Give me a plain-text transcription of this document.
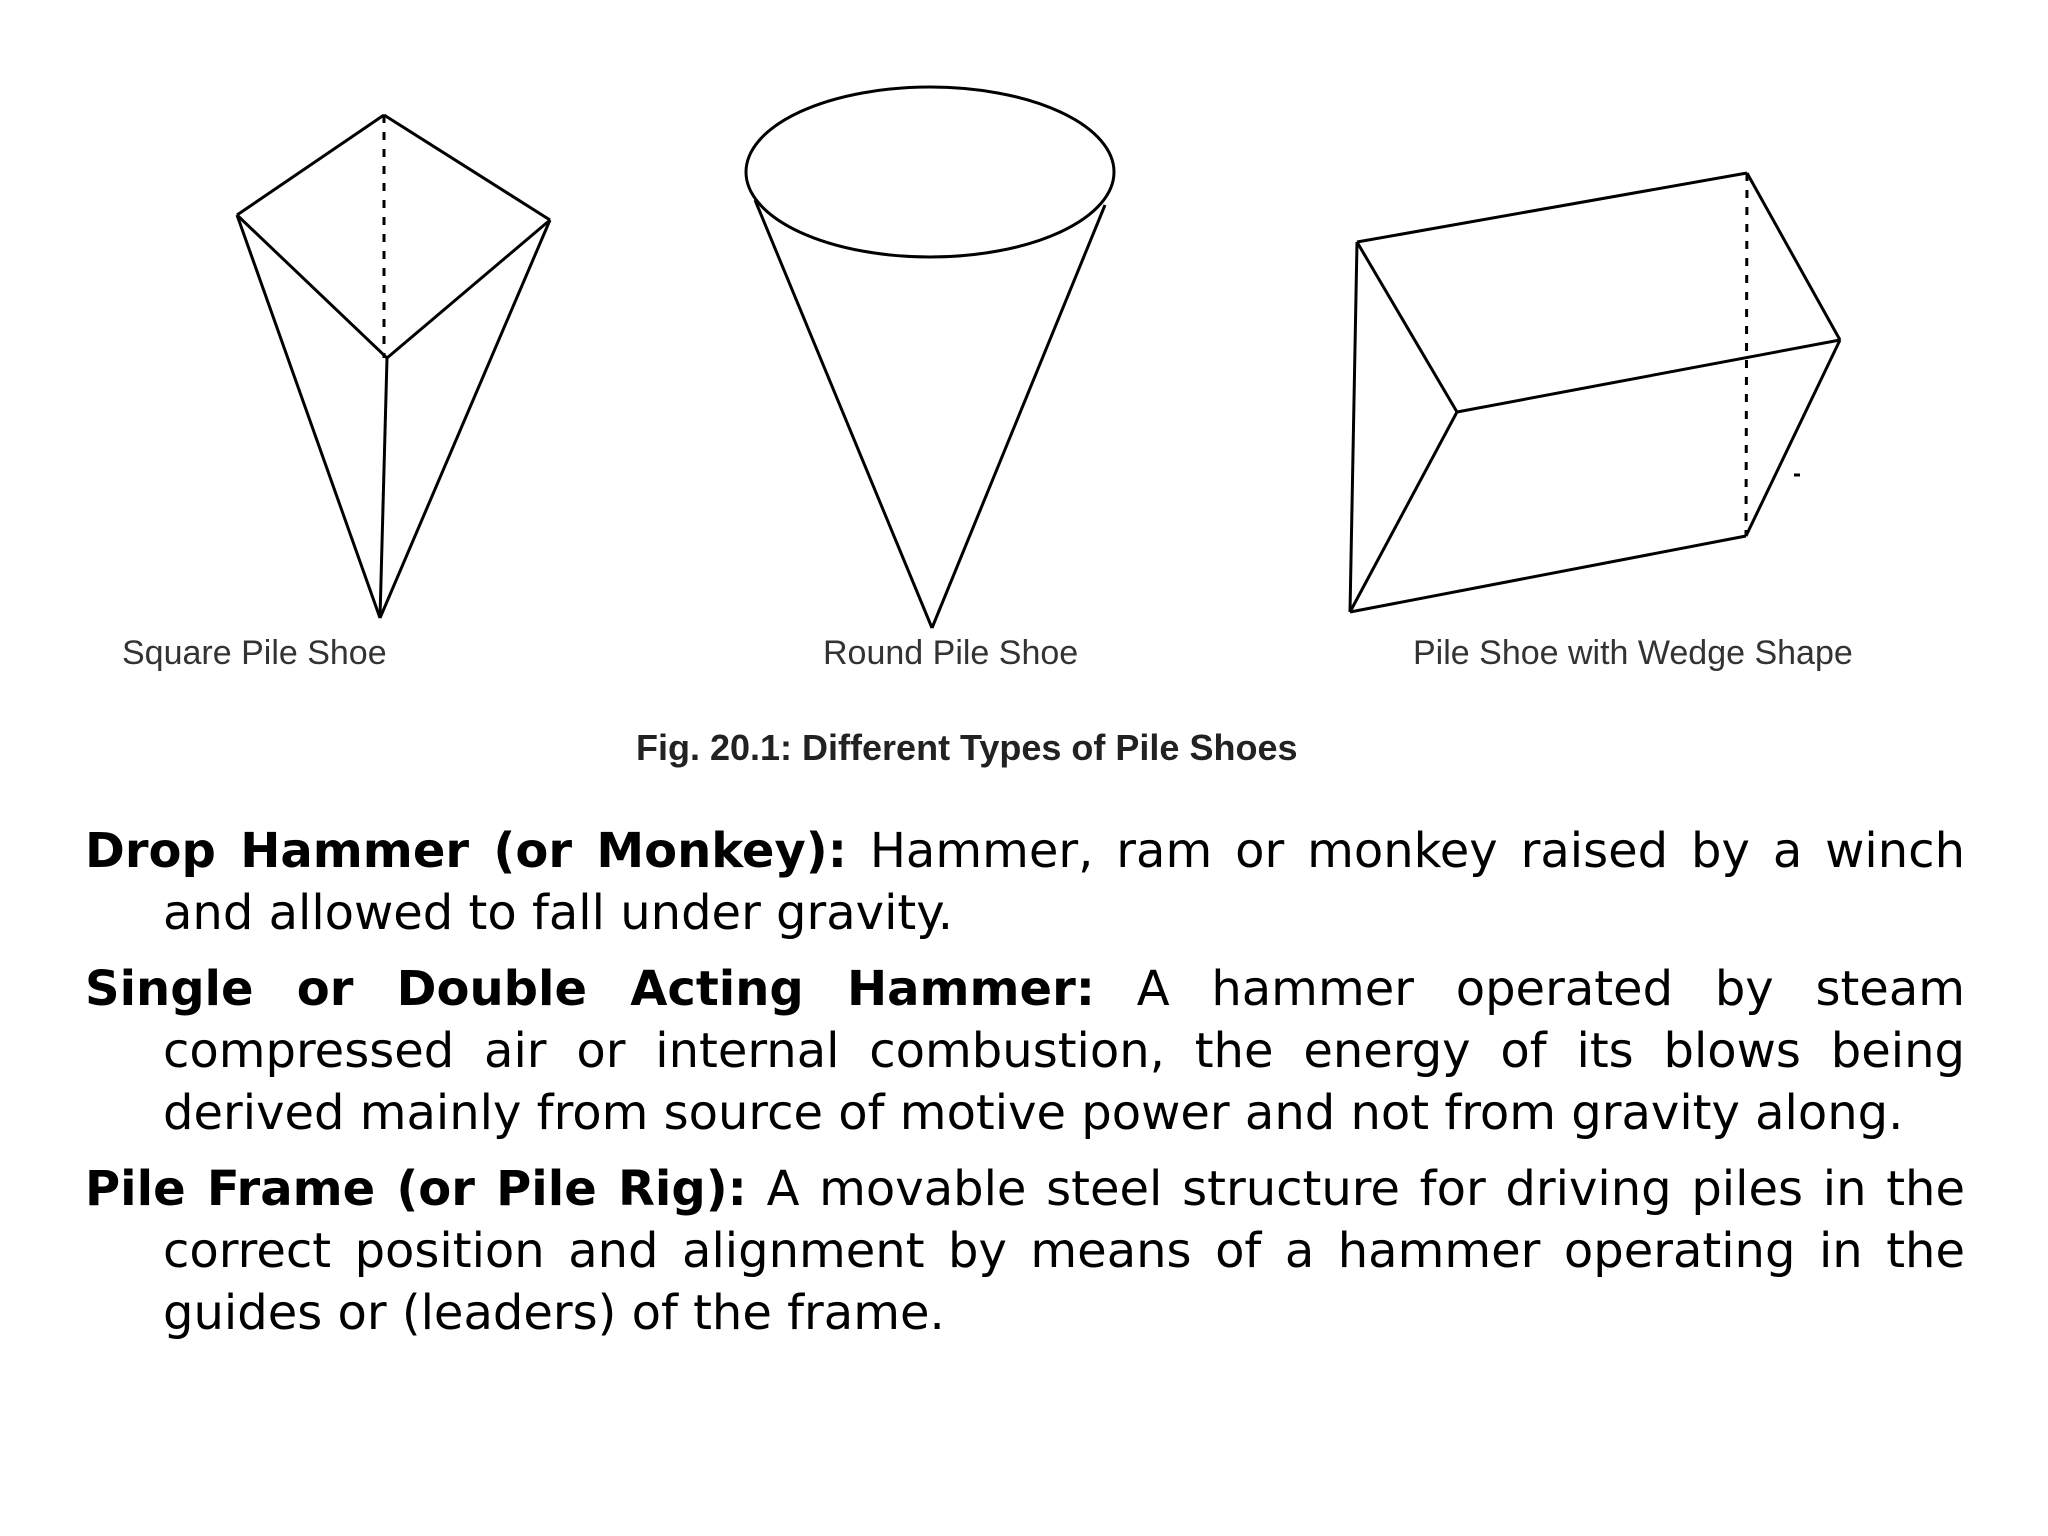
Square Pile Shoe	Round Pile Shoe	Pile Shoe with Wedge Shape
Fig. 20.1: Different Types of Pile Shoes

Drop Hammer (or Monkey): Hammer, ram or monkey raised by a winch and allowed to fall under gravity.

Single or Double Acting Hammer: A hammer operated by steam compressed air or internal combustion, the energy of its blows being derived mainly from source of motive power and not from gravity along.

Pile Frame (or Pile Rig): A movable steel structure for driving piles in the correct position and alignment by means of a hammer operating in the guides or (leaders) of the frame.
